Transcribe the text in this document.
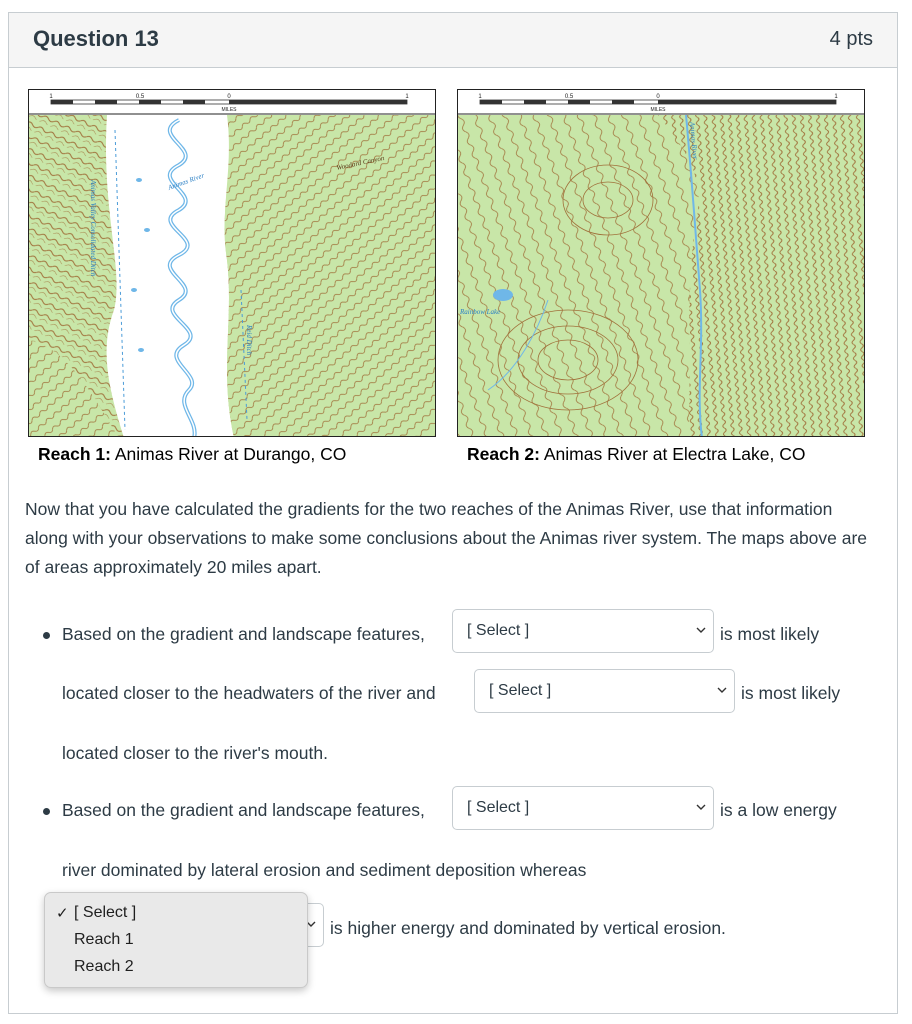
Question 13	4 pts
1	0.5	0	1
MILES
Woodard Canyon
Animas River
Animas Valley Consolidated Ditch
Reid Ditch
1	0.5	0	1
MILES
Animas River
Rainbow Lake
Reach 1: Animas River at Durango, CO	Reach 2: Animas River at Electra Lake, CO
Now that you have calculated the gradients for the two reaches of the Animas River, use that information along with your observations to make some conclusions about the Animas river system. The maps above are of areas approximately 20 miles apart.
Based on the gradient and landscape features,	[ Select ]	is most likely
located closer to the headwaters of the river and	[ Select ]	is most likely
located closer to the river's mouth.
Based on the gradient and landscape features,	[ Select ]	is a low energy
river dominated by lateral erosion and sediment deposition whereas
is higher energy and dominated by vertical erosion.
✓ [ Select ]
Reach 1
Reach 2
